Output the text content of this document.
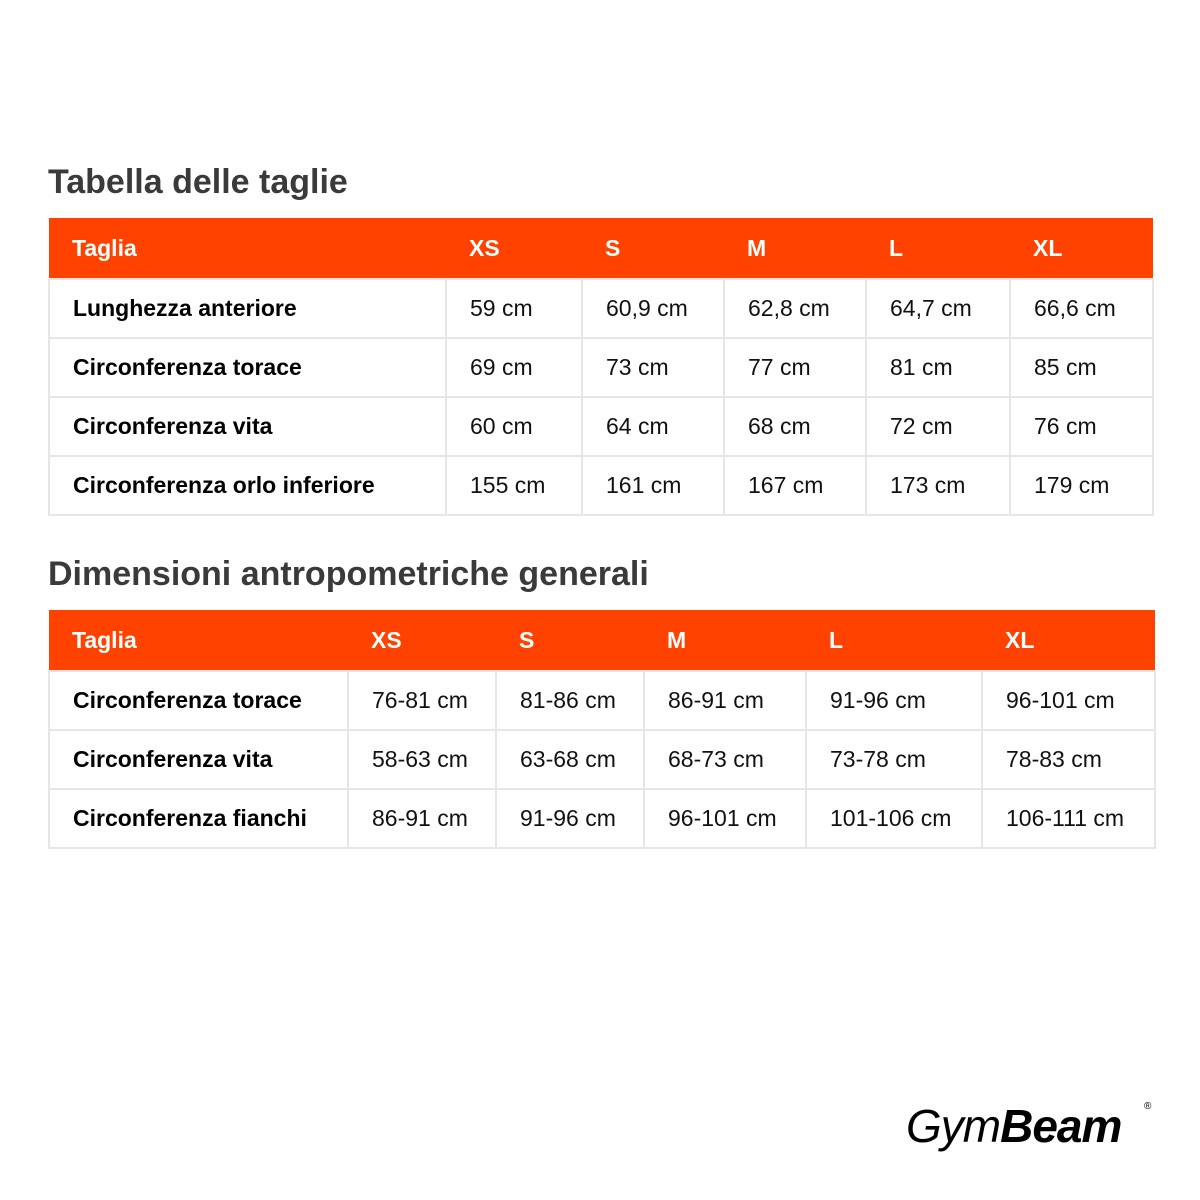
Tabella delle taglie
Taglia	XS	S	M	L	XL
Lunghezza anteriore	59 cm	60,9 cm	62,8 cm	64,7 cm	66,6 cm
Circonferenza torace	69 cm	73 cm	77 cm	81 cm	85 cm
Circonferenza vita	60 cm	64 cm	68 cm	72 cm	76 cm
Circonferenza orlo inferiore	155 cm	161 cm	167 cm	173 cm	179 cm
Dimensioni antropometriche generali
Taglia	XS	S	M	L	XL
Circonferenza torace	76-81 cm	81-86 cm	86-91 cm	91-96 cm	96-101 cm
Circonferenza vita	58-63 cm	63-68 cm	68-73 cm	73-78 cm	78-83 cm
Circonferenza fianchi	86-91 cm	91-96 cm	96-101 cm	101-106 cm	106-111 cm
GymBeam ®
